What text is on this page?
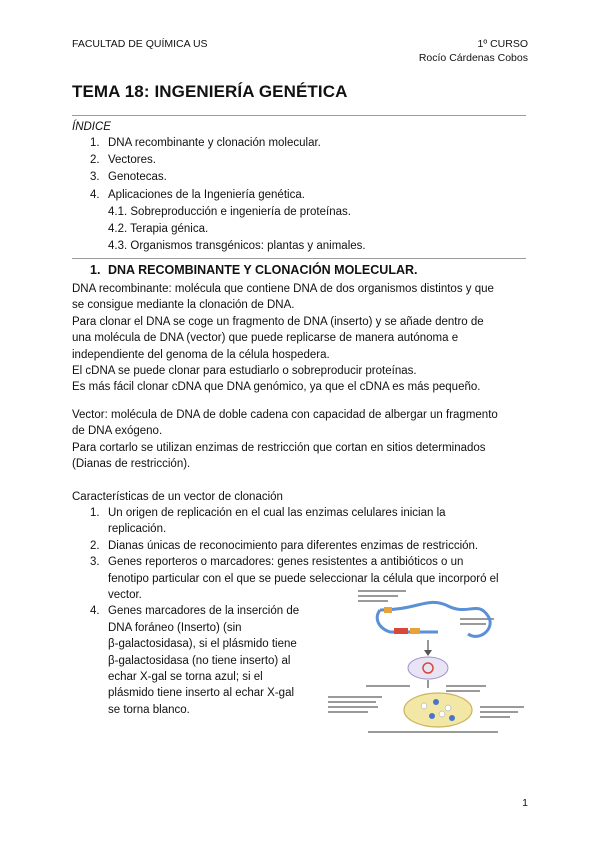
FACULTAD DE QUÍMICA US	1º CURSO
Rocío Cárdenas Cobos
TEMA 18: INGENIERÍA GENÉTICA
ÍNDICE
1. DNA recombinante y clonación molecular.
2. Vectores.
3. Genotecas.
4. Aplicaciones de la Ingeniería genética.
4.1. Sobreproducción e ingeniería de proteínas.
4.2. Terapia génica.
4.3. Organismos transgénicos: plantas y animales.
1. DNA RECOMBINANTE Y CLONACIÓN MOLECULAR.
DNA recombinante: molécula que contiene DNA de dos organismos distintos y que
se consigue mediante la clonación de DNA.
Para clonar el DNA se coge un fragmento de DNA (inserto) y se añade dentro de
una molécula de DNA (vector) que puede replicarse de manera autónoma e
independiente del genoma de la célula hospedera.
El cDNA se puede clonar para estudiarlo o sobreproducir proteínas.
Es más fácil clonar cDNA que DNA genómico, ya que el cDNA es más pequeño.
Vector: molécula de DNA de doble cadena con capacidad de albergar un fragmento
de DNA exógeno.
Para cortarlo se utilizan enzimas de restricción que cortan en sitios determinados
(Dianas de restricción).
Características de un vector de clonación
1. Un origen de replicación en el cual las enzimas celulares inician la
replicación.
2. Dianas únicas de reconocimiento para diferentes enzimas de restricción.
3. Genes reporteros o marcadores: genes resistentes a antibióticos o un
fenotipo particular con el que se puede seleccionar la célula que incorporó el
vector.
4. Genes marcadores de la inserción de
DNA foráneo (Inserto) (sin
β-galactosidasa), si el plásmido tiene
β-galactosidasa (no tiene inserto) al
echar X-gal se torna azul; si el
plásmido tiene inserto al echar X-gal
se torna blanco.
1
